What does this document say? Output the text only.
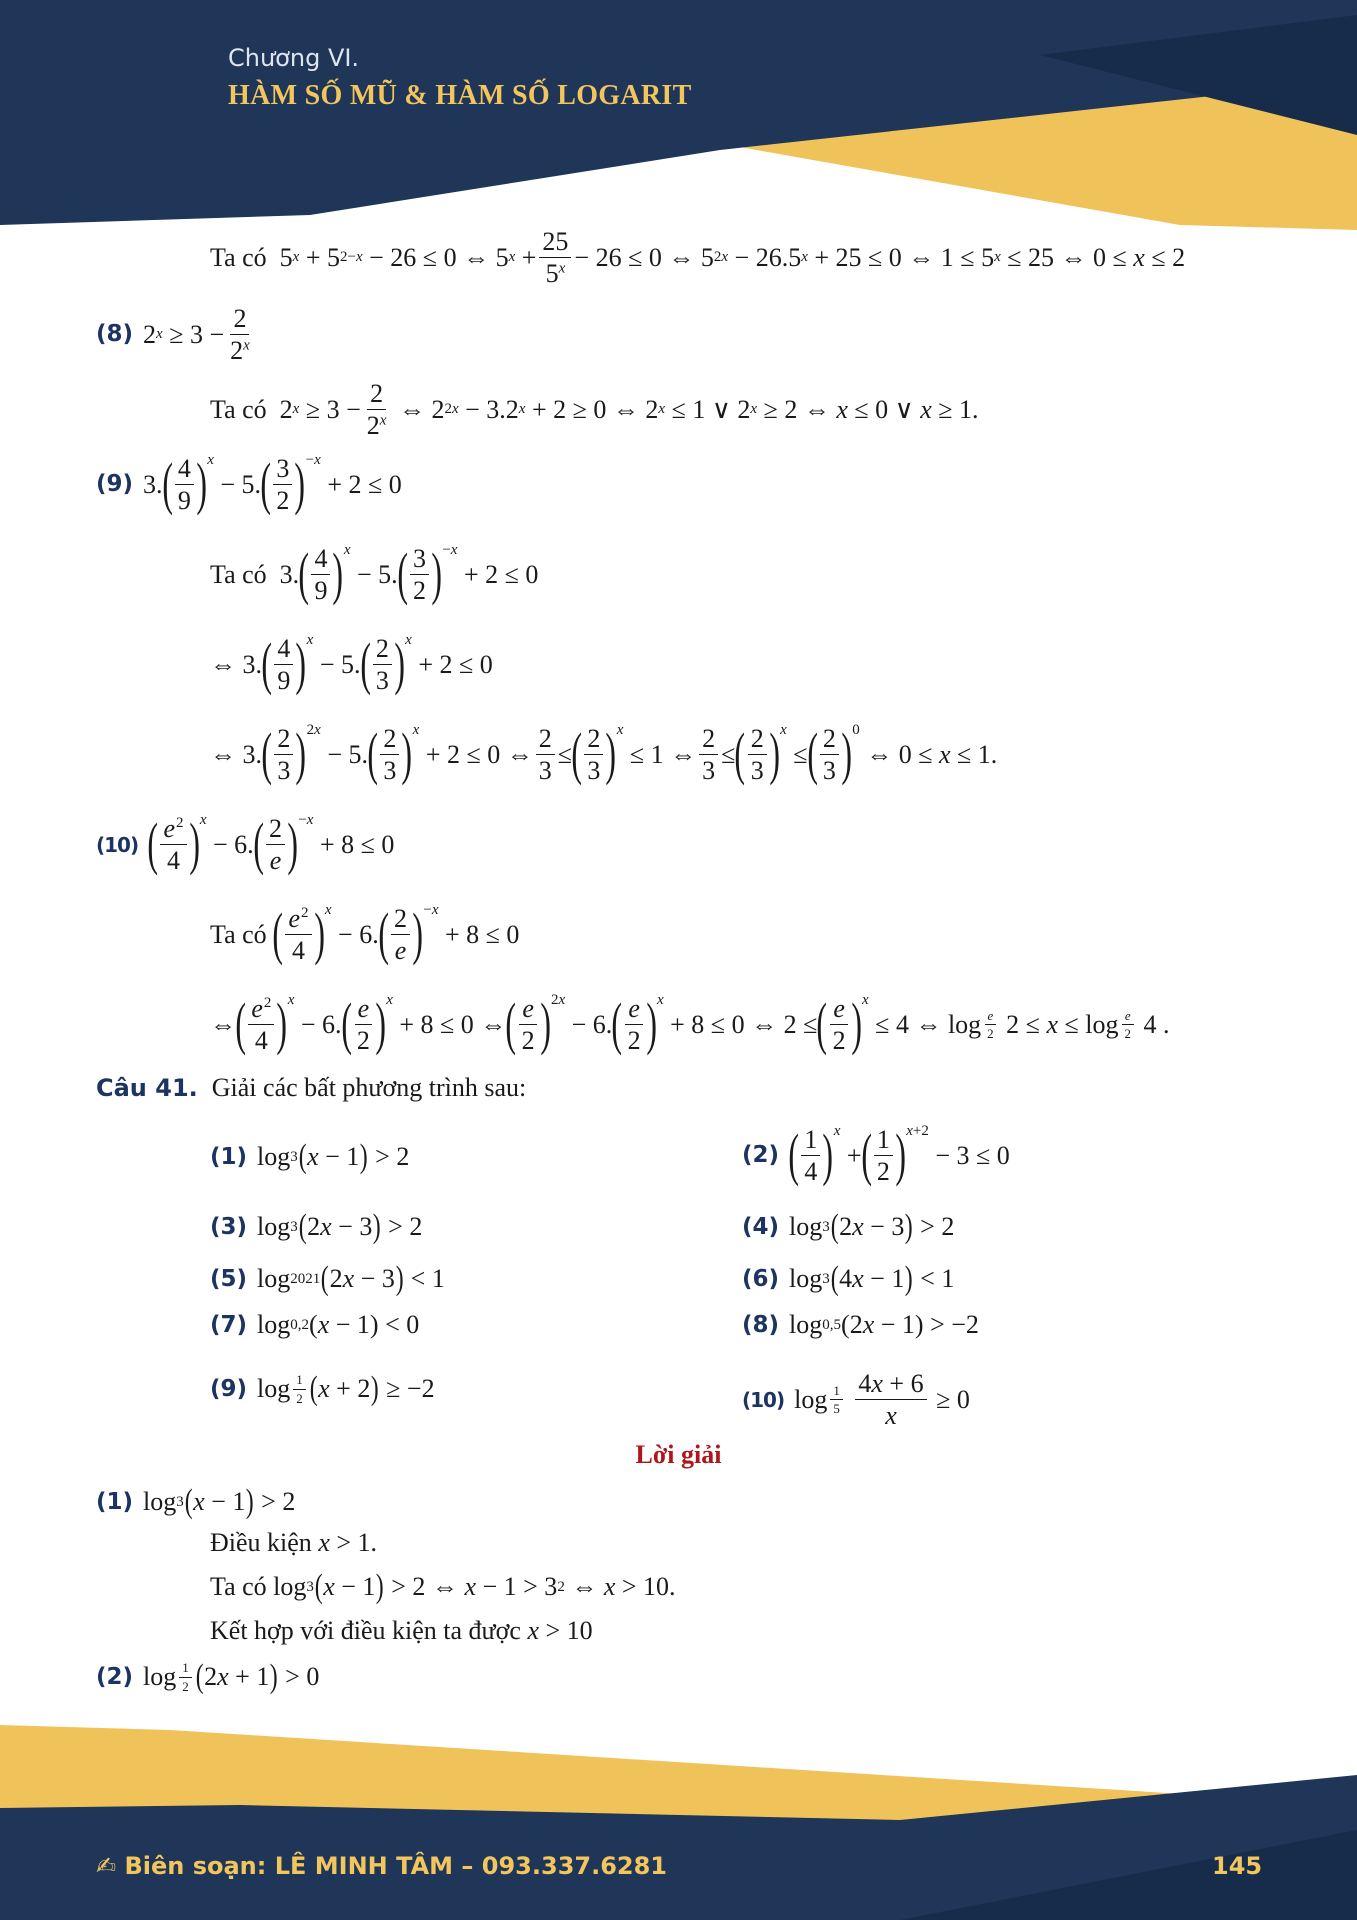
Chương VI.
HÀM SỐ MŨ & HÀM SỐ LOGARIT
Ta có 5 x + 5 2−x − 26 ≤ 0 ⇔ 5 x +
25
$5^x - 26 \le 0$ ⇔ 5 2x − 26.5 x + 25 ≤ 0 ⇔ 1 ≤ 5 x ≤ 25 ⇔ 0 ≤ x ≤ 2
(8) 2 x ≥ 3 −
2
2$^x$
Ta có 2 x ≥ 3 −
2
2$^x$ ⇔ 2 2x − 3.2 x + 2 ≥ 0 ⇔ 2 x ≤ 1 ∨ 2 x ≥ 2 ⇔ x ≤ 0 ∨ x ≥ 1.
(9) 3. ( 4
9 ) $^x$
− 5. ( 3
2 )$^{-x}$
+ 2 ≤ 0
Ta có 3. ( 4
9 ) $^x$
− 5. ( 3
2 )$^{-x}$
+ 2 ≤ 0
⇔ 3. ( 4
9 ) $^x$
− 5. ( 2
3 ) $^x$
+ 2 ≤ 0
⇔ 3. ( 2
3 )$^{2x}$
− 5. ( 2
3 ) $^x$
+ 2 ≤ 0 ⇔
2
3
≤ ( 2
3 ) $^x$
≤ 1 ⇔
2
3
≤ ( 2
3 ) $^x$
≤ ( 2
3 )$^0$
⇔ 0 ≤ x ≤ 1.
(10) ( $e^2$
4 ) $^x$
− 6. ( 2
e )$^{-x}$
+ 8 ≤ 0
Ta có
( $e^2$
4 ) $^x$
− 6. ( 2
e )$^{-x}$
+ 8 ≤ 0
⇔ ( $e^2$
4 ) $^x$
− 6. ( e
2 ) $^x$
+ 8 ≤ 0 ⇔ ( e
2 )$^{2x}$
− 6. ( e
2 ) $^x$
+ 8 ≤ 0 ⇔ 2 ≤ ( e
2 ) $^x$
≤ 4 ⇔ $\log \frac{e}{2} 2 \le x \le \log \frac{e}{2} 4$ .
Câu 41. Giải các bất phương trình sau:
(1) log 3 ( x − 1 ) > 2	(2) ( 1
4 ) $^x$
+ ( 1
2 ) $^{x+2}$
− 3 ≤ 0
(3) log 3 ( 2 x − 3 ) > 2	(4) log 3 ( 2 x − 3 ) > 2
(5) log 2021 ( 2 x − 3 ) < 1	(6) log 3 ( 4 x − 1 ) < 1
(7) log 0,2 ( x − 1) < 0	(8) log 0,5 (2 x − 1) > −2
(9) $\log \frac{1}{2}$ ( x + 2 ) ≥ −2	(10) $\log \frac{1}{5}$

4x + 6
x
≥ 0
Lời giải
(1) log 3 ( x − 1 ) > 2
Điều kiện
x > 1.
Ta có log 3 ( x − 1 ) > 2 ⇔ x − 1 > 3 2 ⇔ x > 10.
Kết hợp với điều kiện ta được
x > 10
(2) $\log \frac{1}{2}$ ( 2 x + 1 ) > 0
✍ Biên soạn: LÊ MINH TÂM – 093.337.6281	145
